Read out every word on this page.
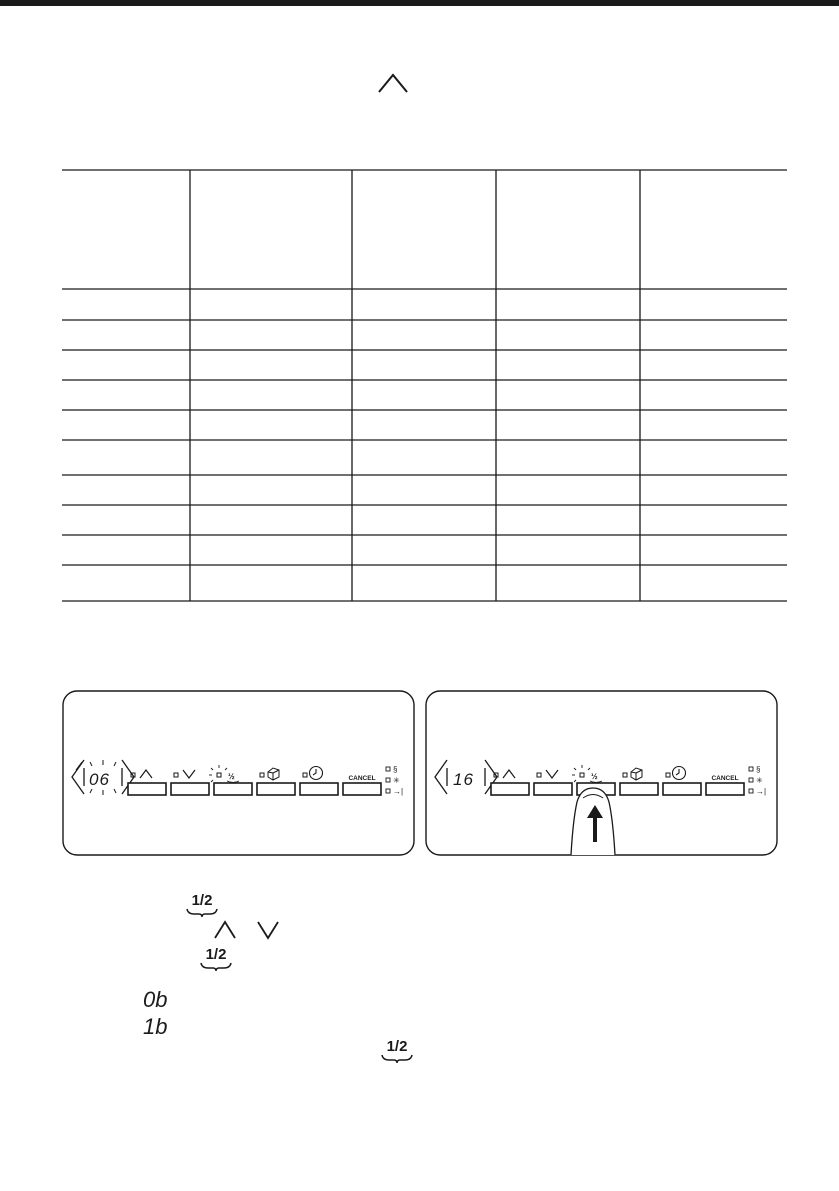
06	½	CANCEL
§
✳
→|
16	½	CANCEL
§
✳
→|
1/2
1/2
0b
1b
1/2
